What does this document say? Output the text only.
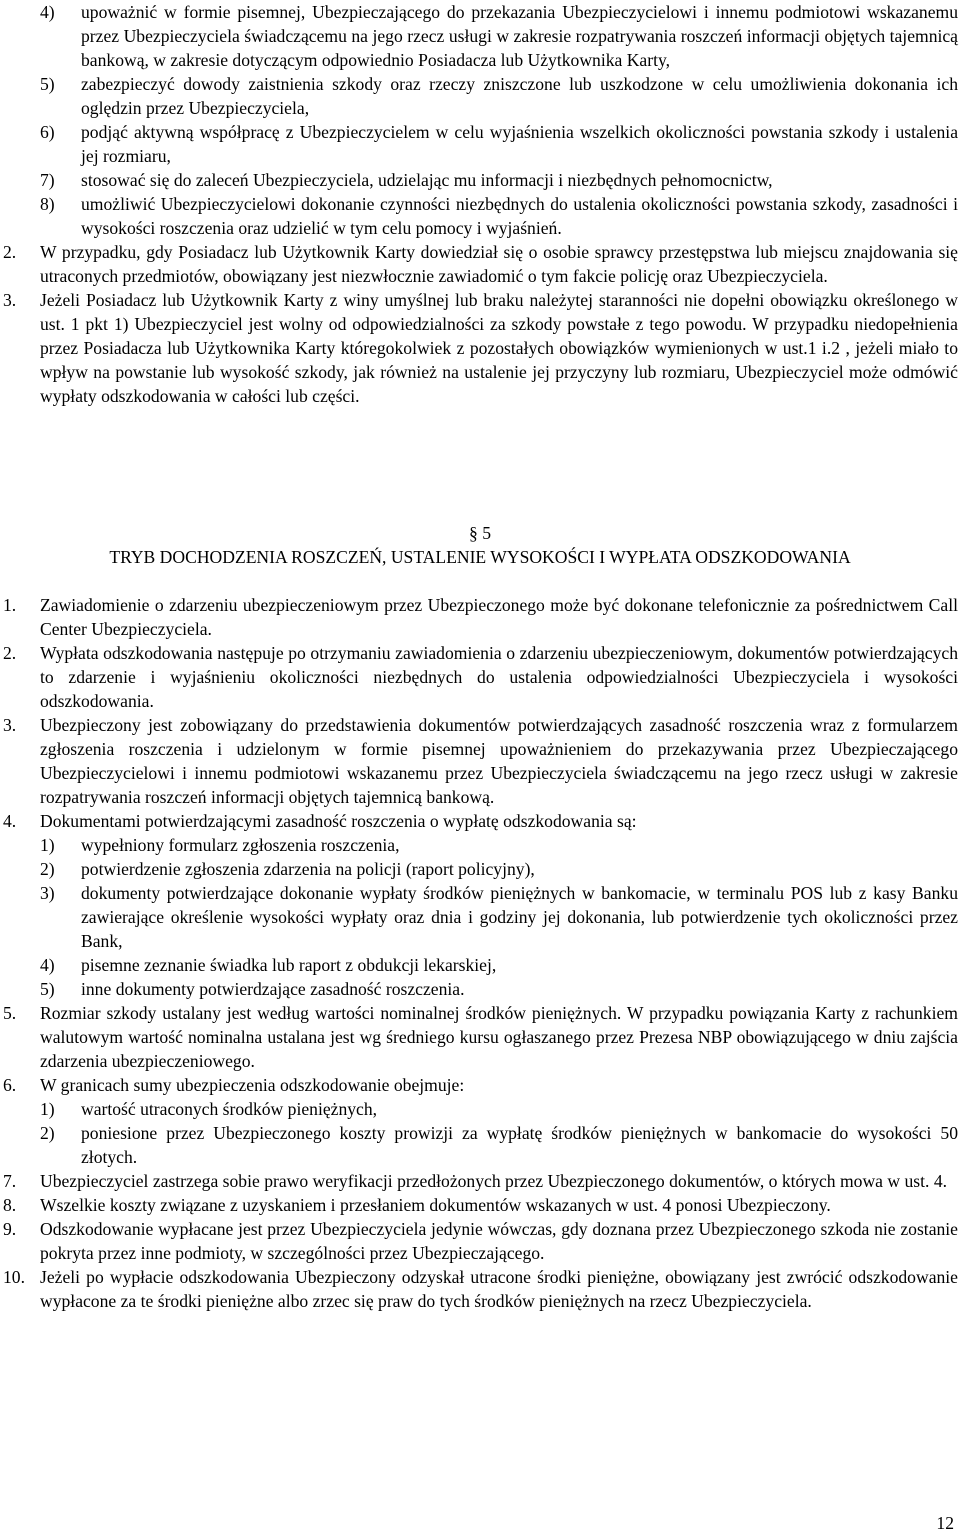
4) upoważnić w formie pisemnej, Ubezpieczającego do przekazania Ubezpieczycielowi i innemu podmiotowi wskazanemu przez Ubezpieczyciela świadczącemu na jego rzecz usługi w zakresie rozpatrywania roszczeń informacji objętych tajemnicą bankową, w zakresie dotyczącym odpowiednio Posiadacza lub Użytkownika Karty,
5) zabezpieczyć dowody zaistnienia szkody oraz rzeczy zniszczone lub uszkodzone w celu umożliwienia dokonania ich oględzin przez Ubezpieczyciela,
6) podjąć aktywną współpracę z Ubezpieczycielem w celu wyjaśnienia wszelkich okoliczności powstania szkody i ustalenia jej rozmiaru,
7) stosować się do zaleceń Ubezpieczyciela, udzielając mu informacji i niezbędnych pełnomocnictw,
8) umożliwić Ubezpieczycielowi dokonanie czynności niezbędnych do ustalenia okoliczności powstania szkody, zasadności i wysokości roszczenia oraz udzielić w tym celu pomocy i wyjaśnień.
2. W przypadku, gdy Posiadacz lub Użytkownik Karty dowiedział się o osobie sprawcy przestępstwa lub miejscu znajdowania się utraconych przedmiotów, obowiązany jest niezwłocznie zawiadomić o tym fakcie policję oraz Ubezpieczyciela.
3. Jeżeli Posiadacz lub Użytkownik Karty z winy umyślnej lub braku należytej staranności nie dopełni obowiązku określonego w ust. 1 pkt 1) Ubezpieczyciel jest wolny od odpowiedzialności za szkody powstałe z tego powodu. W przypadku niedopełnienia przez Posiadacza lub Użytkownika Karty któregokolwiek z pozostałych obowiązków wymienionych w ust.1 i.2 , jeżeli miało to wpływ na powstanie lub wysokość szkody, jak również na ustalenie jej przyczyny lub rozmiaru, Ubezpieczyciel może odmówić wypłaty odszkodowania w całości lub części.
§ 5
TRYB DOCHODZENIA ROSZCZEŃ, USTALENIE WYSOKOŚCI I WYPŁATA ODSZKODOWANIA
1. Zawiadomienie o zdarzeniu ubezpieczeniowym przez Ubezpieczonego może być dokonane telefonicznie za pośrednictwem Call Center Ubezpieczyciela.
2. Wypłata odszkodowania następuje po otrzymaniu zawiadomienia o zdarzeniu ubezpieczeniowym, dokumentów potwierdzających to zdarzenie i wyjaśnieniu okoliczności niezbędnych do ustalenia odpowiedzialności Ubezpieczyciela i wysokości odszkodowania.
3. Ubezpieczony jest zobowiązany do przedstawienia dokumentów potwierdzających zasadność roszczenia wraz z formularzem zgłoszenia roszczenia i udzielonym w formie pisemnej upoważnieniem do przekazywania przez Ubezpieczającego Ubezpieczycielowi i innemu podmiotowi wskazanemu przez Ubezpieczyciela świadczącemu na jego rzecz usługi w zakresie rozpatrywania roszczeń informacji objętych tajemnicą bankową.
4. Dokumentami potwierdzającymi zasadność roszczenia o wypłatę odszkodowania są:
1) wypełniony formularz zgłoszenia roszczenia,
2) potwierdzenie zgłoszenia zdarzenia na policji (raport policyjny),
3) dokumenty potwierdzające dokonanie wypłaty środków pieniężnych w bankomacie, w terminalu POS lub z kasy Banku zawierające określenie wysokości wypłaty oraz dnia i godziny jej dokonania, lub potwierdzenie tych okoliczności przez Bank,
4) pisemne zeznanie świadka lub raport z obdukcji lekarskiej,
5) inne dokumenty potwierdzające zasadność roszczenia.
5. Rozmiar szkody ustalany jest według wartości nominalnej środków pieniężnych. W przypadku powiązania Karty z rachunkiem walutowym wartość nominalna ustalana jest wg średniego kursu ogłaszanego przez Prezesa NBP obowiązującego w dniu zajścia zdarzenia ubezpieczeniowego.
6. W granicach sumy ubezpieczenia odszkodowanie obejmuje:
1) wartość utraconych środków pieniężnych,
2) poniesione przez Ubezpieczonego koszty prowizji za wypłatę środków pieniężnych w bankomacie do wysokości 50 złotych.
7. Ubezpieczyciel zastrzega sobie prawo weryfikacji przedłożonych przez Ubezpieczonego dokumentów, o których mowa w ust. 4.
8. Wszelkie koszty związane z uzyskaniem i przesłaniem dokumentów wskazanych w ust. 4 ponosi Ubezpieczony.
9. Odszkodowanie wypłacane jest przez Ubezpieczyciela jedynie wówczas, gdy doznana przez Ubezpieczonego szkoda nie zostanie pokryta przez inne podmioty, w szczególności przez Ubezpieczającego.
10. Jeżeli po wypłacie odszkodowania Ubezpieczony odzyskał utracone środki pieniężne, obowiązany jest zwrócić odszkodowanie wypłacone za te środki pieniężne albo zrzec się praw do tych środków pieniężnych na rzecz Ubezpieczyciela.
12
